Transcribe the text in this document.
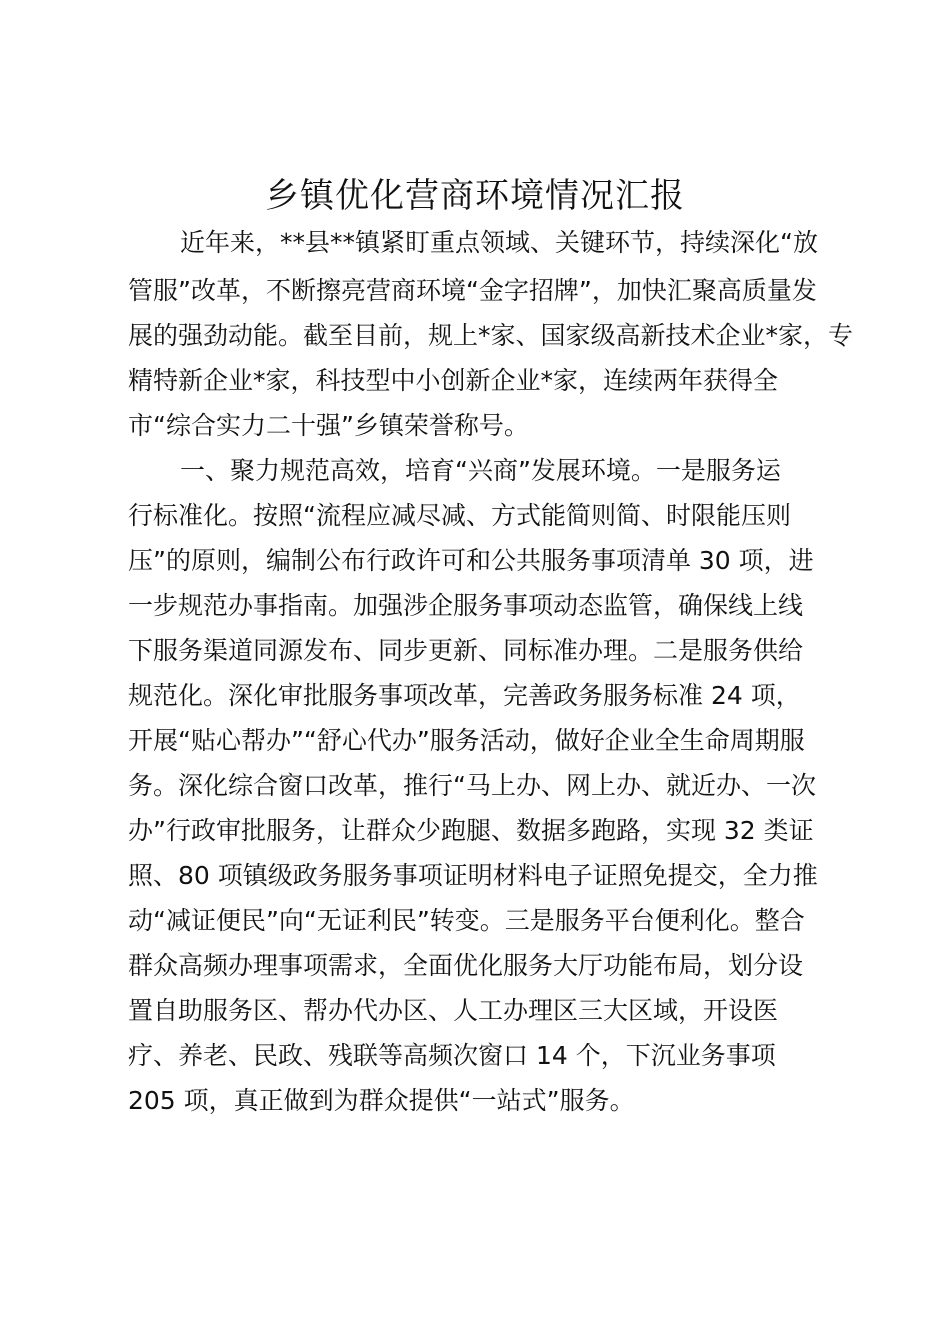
乡镇优化营商环境情况汇报

近年来，**县**镇紧盯重点领域、关键环节，持续深化“放

管服”改革，不断擦亮营商环境“金字招牌”，加快汇聚高质量发

展的强劲动能。截至目前，规上*家、国家级高新技术企业*家，专

精特新企业*家，科技型中小创新企业*家，连续两年获得全

市“综合实力二十强”乡镇荣誉称号。

一、聚力规范高效，培育“兴商”发展环境。一是服务运

行标准化。按照“流程应减尽减、方式能简则简、时限能压则

压”的原则，编制公布行政许可和公共服务事项清单 30 项，进

一步规范办事指南。加强涉企服务事项动态监管，确保线上线

下服务渠道同源发布、同步更新、同标准办理。二是服务供给

规范化。深化审批服务事项改革，完善政务服务标准 24 项，

开展“贴心帮办”“舒心代办”服务活动，做好企业全生命周期服

务。深化综合窗口改革，推行“马上办、网上办、就近办、一次

办”行政审批服务，让群众少跑腿、数据多跑路，实现 32 类证

照、80 项镇级政务服务事项证明材料电子证照免提交，全力推

动“减证便民”向“无证利民”转变。三是服务平台便利化。整合

群众高频办理事项需求，全面优化服务大厅功能布局，划分设

置自助服务区、帮办代办区、人工办理区三大区域，开设医

疗、养老、民政、残联等高频次窗口 14 个，下沉业务事项

205 项，真正做到为群众提供“一站式”服务。
